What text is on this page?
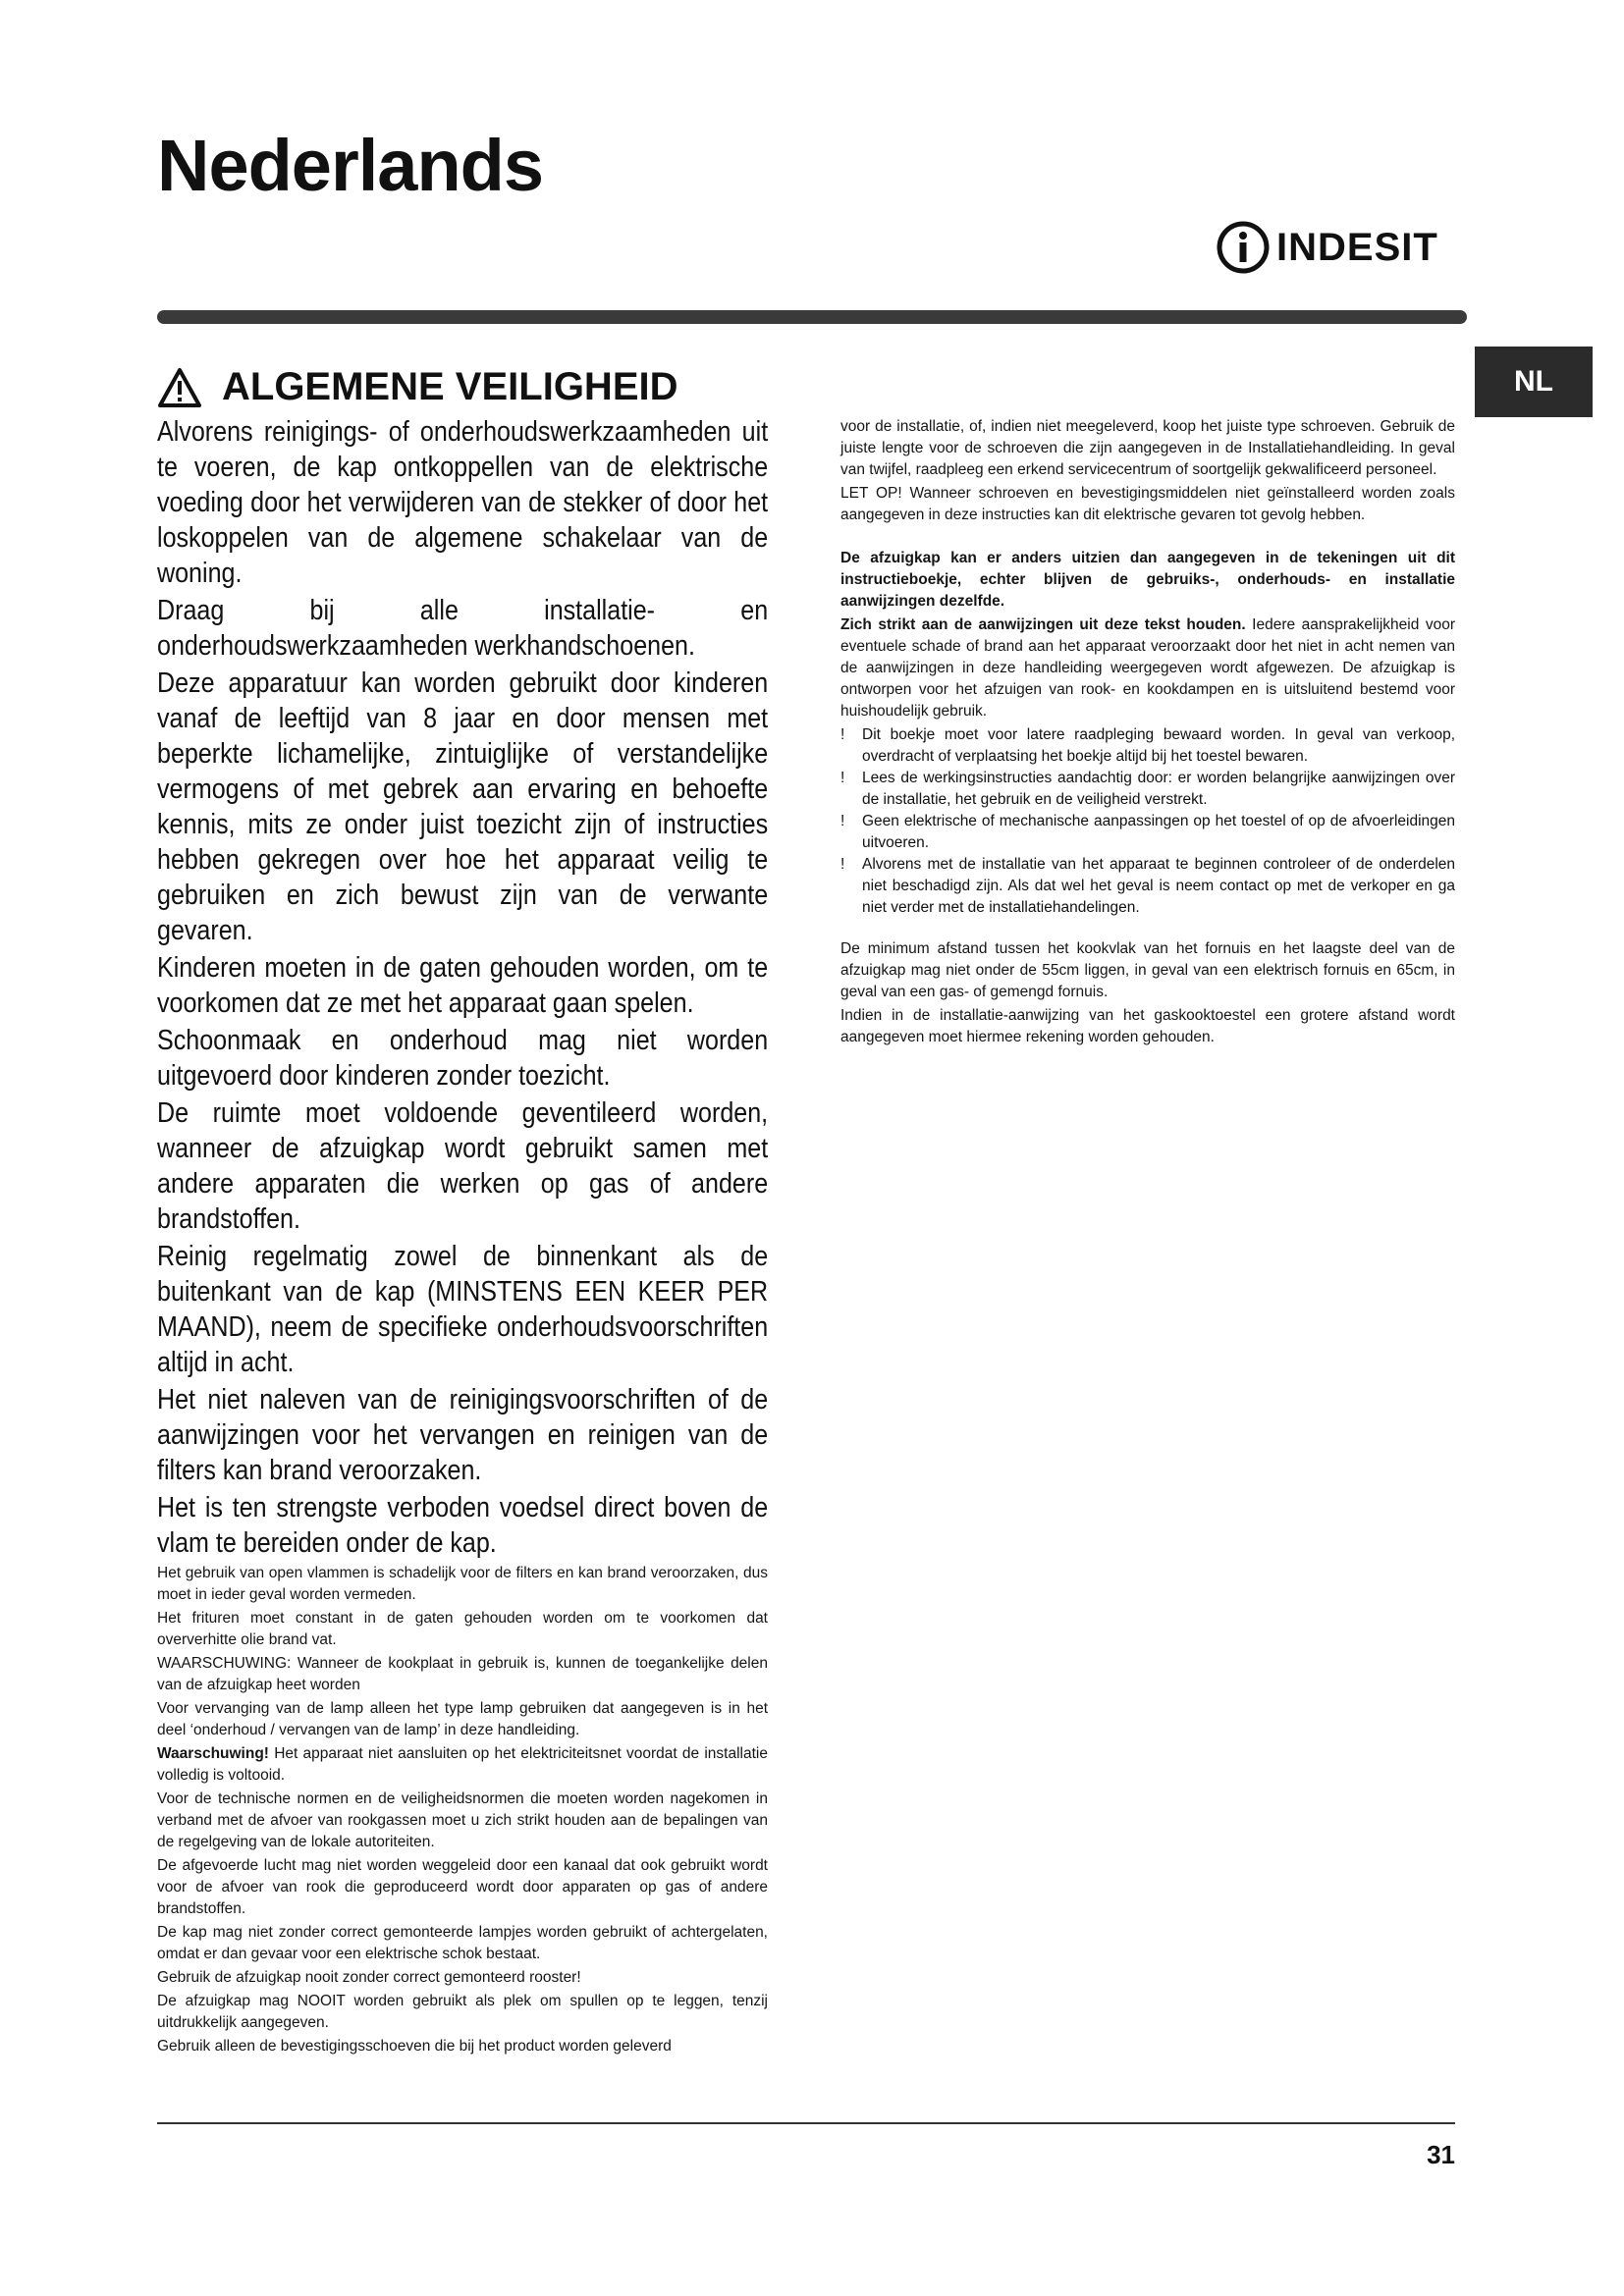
Nederlands
INDESIT
NL
ALGEMENE VEILIGHEID

Alvorens reinigings- of onderhoudswerkzaamheden uit te voeren, de kap ontkoppellen van de elektrische voeding door het verwijderen van de stekker of door het loskoppelen van de algemene schakelaar van de woning.

Draag bij alle installatie- en onderhoudswerkzaamheden werkhandschoenen.

Deze apparatuur kan worden gebruikt door kinderen vanaf de leeftijd van 8 jaar en door mensen met beperkte lichamelijke, zintuiglijke of verstandelijke vermogens of met gebrek aan ervaring en behoefte kennis, mits ze onder juist toezicht zijn of instructies hebben gekregen over hoe het apparaat veilig te gebruiken en zich bewust zijn van de verwante gevaren.

Kinderen moeten in de gaten gehouden worden, om te voorkomen dat ze met het apparaat gaan spelen.

Schoonmaak en onderhoud mag niet worden uitgevoerd door kinderen zonder toezicht.

De ruimte moet voldoende geventileerd worden, wanneer de afzuigkap wordt gebruikt samen met andere apparaten die werken op gas of andere brandstoffen.

Reinig regelmatig zowel de binnenkant als de buitenkant van de kap (MINSTENS EEN KEER PER MAAND), neem de specifieke onderhoudsvoorschriften altijd in acht.

Het niet naleven van de reinigingsvoorschriften of de aanwijzingen voor het vervangen en reinigen van de filters kan brand veroorzaken.

Het is ten strengste verboden voedsel direct boven de vlam te bereiden onder de kap.

Het gebruik van open vlammen is schadelijk voor de filters en kan brand veroorzaken, dus moet in ieder geval worden vermeden.

Het frituren moet constant in de gaten gehouden worden om te voorkomen dat oververhitte olie brand vat.

WAARSCHUWING: Wanneer de kookplaat in gebruik is, kunnen de toegankelijke delen van de afzuigkap heet worden

Voor vervanging van de lamp alleen het type lamp gebruiken dat aangegeven is in het deel ‘onderhoud / vervangen van de lamp’ in deze handleiding.

Waarschuwing! Het apparaat niet aansluiten op het elektriciteitsnet voordat de installatie volledig is voltooid.

Voor de technische normen en de veiligheidsnormen die moeten worden nagekomen in verband met de afvoer van rookgassen moet u zich strikt houden aan de bepalingen van de regelgeving van de lokale autoriteiten.

De afgevoerde lucht mag niet worden weggeleid door een kanaal dat ook gebruikt wordt voor de afvoer van rook die geproduceerd wordt door apparaten op gas of andere brandstoffen.

De kap mag niet zonder correct gemonteerde lampjes worden gebruikt of achtergelaten, omdat er dan gevaar voor een elektrische schok bestaat.

Gebruik de afzuigkap nooit zonder correct gemonteerd rooster!

De afzuigkap mag NOOIT worden gebruikt als plek om spullen op te leggen, tenzij uitdrukkelijk aangegeven.

Gebruik alleen de bevestigingsschoeven die bij het product worden geleverd

voor de installatie, of, indien niet meegeleverd, koop het juiste type schroeven. Gebruik de juiste lengte voor de schroeven die zijn aangegeven in de Installatiehandleiding. In geval van twijfel, raadpleeg een erkend servicecentrum of soortgelijk gekwalificeerd personeel.

LET OP! Wanneer schroeven en bevestigingsmiddelen niet geïnstalleerd worden zoals aangegeven in deze instructies kan dit elektrische gevaren tot gevolg hebben.

De afzuigkap kan er anders uitzien dan aangegeven in de tekeningen uit dit instructieboekje, echter blijven de gebruiks-, onderhouds- en installatie aanwijzingen dezelfde.

Zich strikt aan de aanwijzingen uit deze tekst houden. Iedere aansprakelijkheid voor eventuele schade of brand aan het apparaat veroorzaakt door het niet in acht nemen van de aanwijzingen in deze handleiding weergegeven wordt afgewezen. De afzuigkap is ontworpen voor het afzuigen van rook- en kookdampen en is uitsluitend bestemd voor huishoudelijk gebruik.

!	Dit boekje moet voor latere raadpleging bewaard worden. In geval van verkoop, overdracht of verplaatsing het boekje altijd bij het toestel bewaren.
!	Lees de werkingsinstructies aandachtig door: er worden belangrijke aanwijzingen over de installatie, het gebruik en de veiligheid verstrekt.
!	Geen elektrische of mechanische aanpassingen op het toestel of op de afvoerleidingen uitvoeren.
!	Alvorens met de installatie van het apparaat te beginnen controleer of de onderdelen niet beschadigd zijn. Als dat wel het geval is neem contact op met de verkoper en ga niet verder met de installatiehandelingen.

De minimum afstand tussen het kookvlak van het fornuis en het laagste deel van de afzuigkap mag niet onder de 55cm liggen, in geval van een elektrisch fornuis en 65cm, in geval van een gas- of gemengd fornuis.

Indien in de installatie-aanwijzing van het gaskooktoestel een grotere afstand wordt aangegeven moet hiermee rekening worden gehouden.

31
